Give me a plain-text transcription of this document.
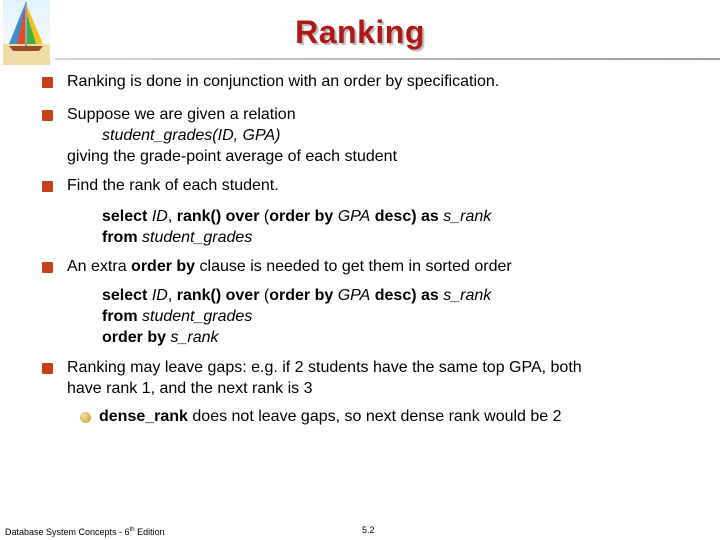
Ranking
Ranking is done in conjunction with an order by specification.
Suppose we are given a relation
student_grades(ID, GPA)
giving the grade-point average of each student
Find the rank of each student.
select ID, rank() over (order by GPA desc) as s_rank
from student_grades
An extra order by clause is needed to get them in sorted order
select ID, rank() over (order by GPA desc) as s_rank
from student_grades
order by s_rank
Ranking may leave gaps: e.g. if 2 students have the same top GPA, both
have rank 1, and the next rank is 3
dense_rank does not leave gaps, so next dense rank would be 2
Database System Concepts - 6th Edition	5.2
